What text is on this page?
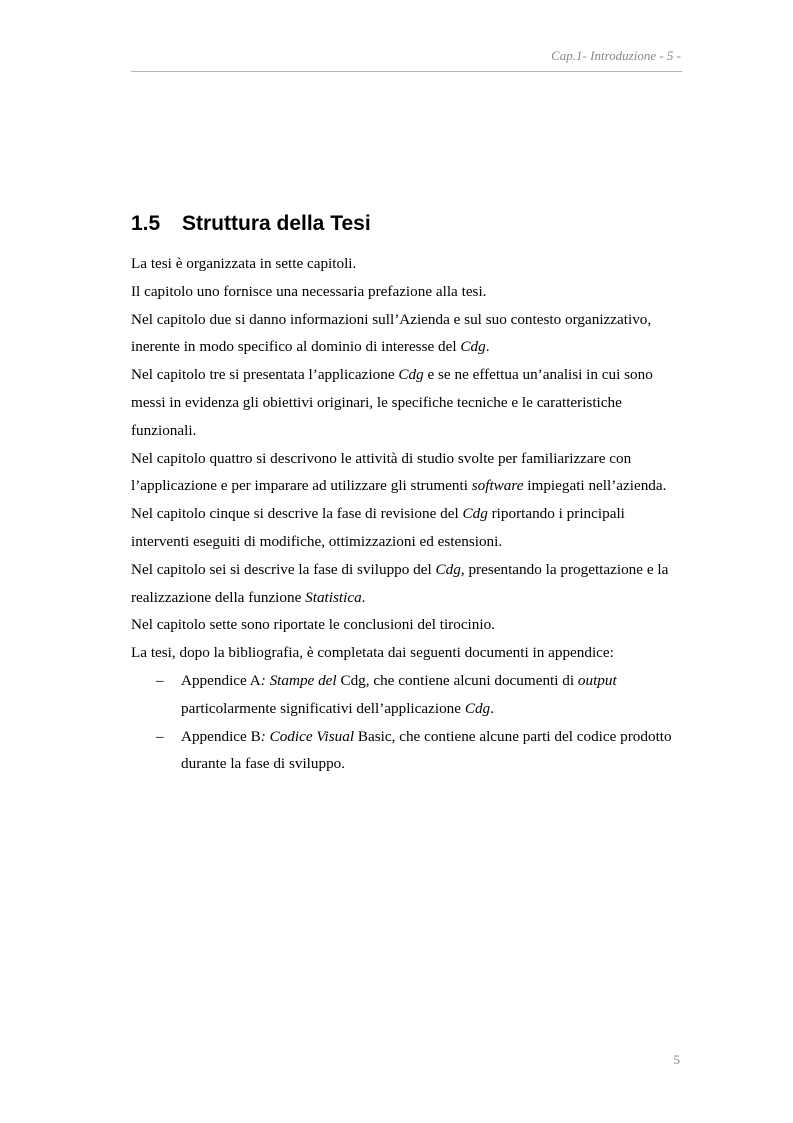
Cap.1- Introduzione - 5 -
1.5 Struttura della Tesi

La tesi è organizzata in sette capitoli.

Il capitolo uno fornisce una necessaria prefazione alla tesi.

Nel capitolo due si danno informazioni sull’Azienda e sul suo contesto organizzativo, inerente in modo specifico al dominio di interesse del Cdg.

Nel capitolo tre si presentata l’applicazione Cdg e se ne effettua un’analisi in cui sono messi in evidenza gli obiettivi originari, le specifiche tecniche e le caratteristiche funzionali.

Nel capitolo quattro si descrivono le attività di studio svolte per familiarizzare con l’applicazione e per imparare ad utilizzare gli strumenti software impiegati nell’azienda.

Nel capitolo cinque si descrive la fase di revisione del Cdg riportando i principali interventi eseguiti di modifiche, ottimizzazioni ed estensioni.

Nel capitolo sei si descrive la fase di sviluppo del Cdg, presentando la progettazione e la realizzazione della funzione Statistica.

Nel capitolo sette sono riportate le conclusioni del tirocinio.

La tesi, dopo la bibliografia, è completata dai seguenti documenti in appendice:

– Appendice A: Stampe del Cdg, che contiene alcuni documenti di output particolarmente significativi dell’applicazione Cdg.
– Appendice B: Codice Visual Basic, che contiene alcune parti del codice prodotto durante la fase di sviluppo.
5
